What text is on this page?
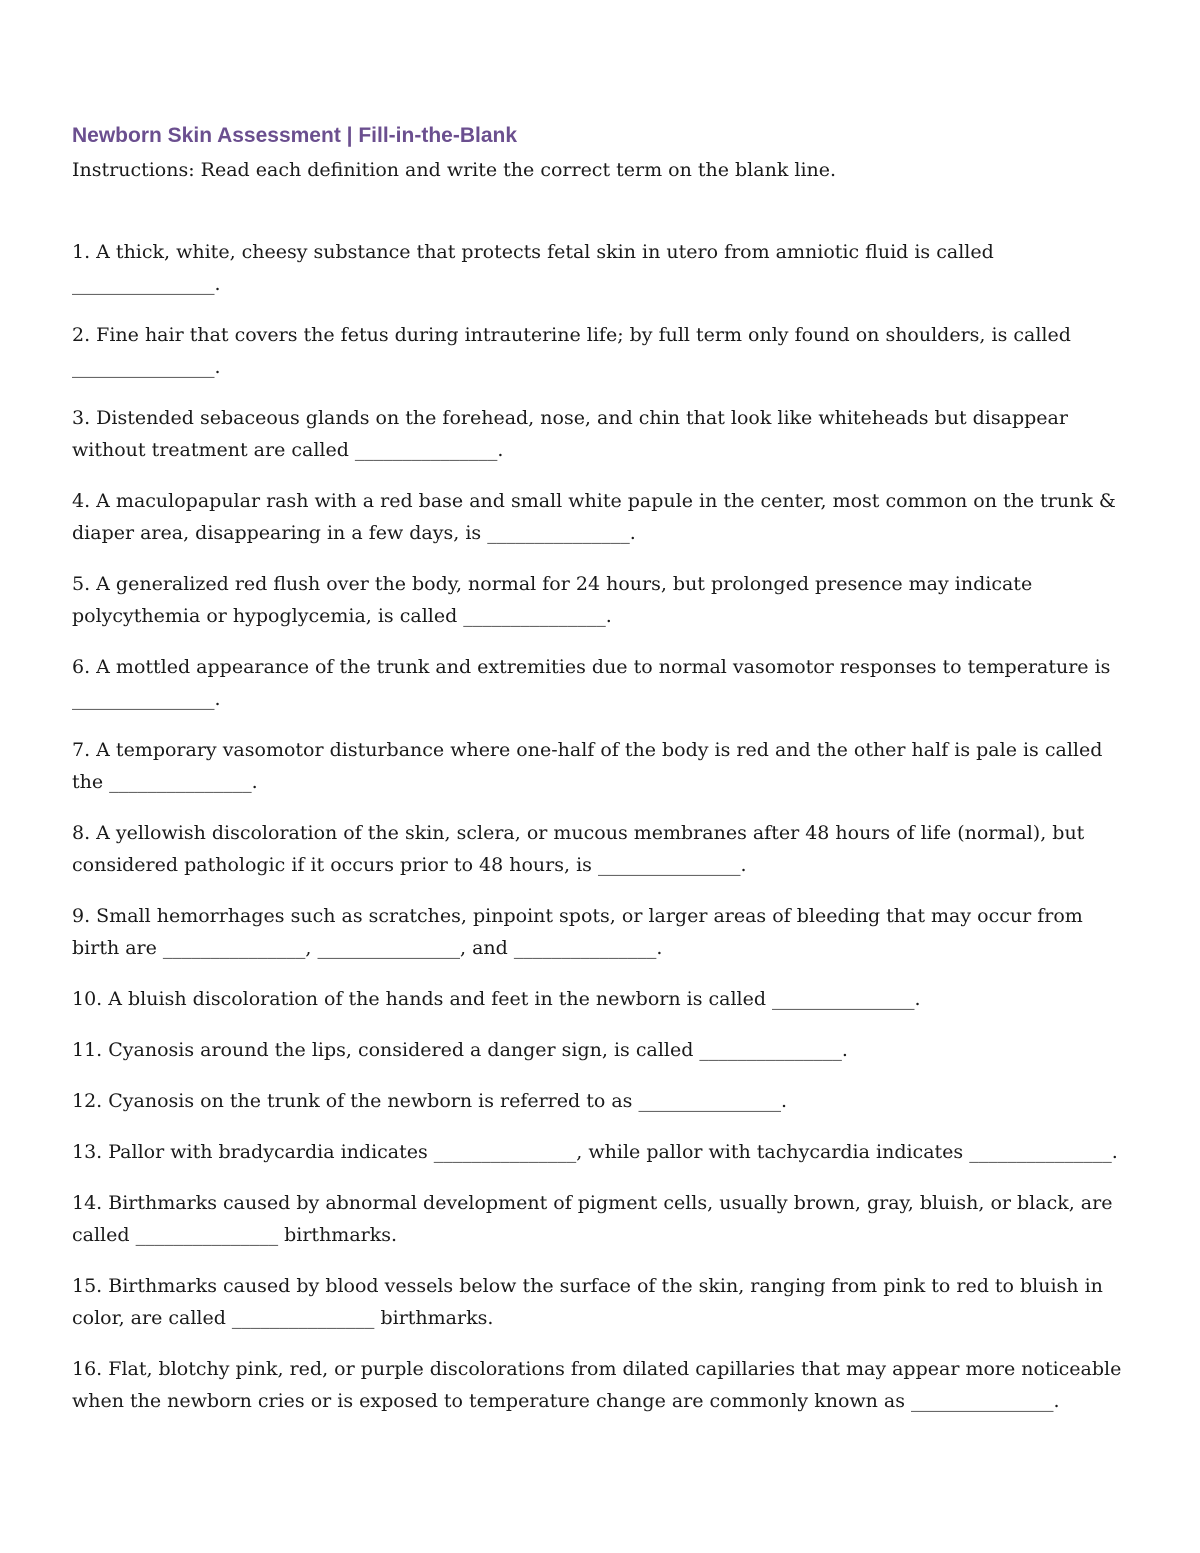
Newborn Skin Assessment | Fill-in-the-Blank
Instructions: Read each definition and write the correct term on the blank line.
1. A thick, white, cheesy substance that protects fetal skin in utero from amniotic fluid is called _______________.
2. Fine hair that covers the fetus during intrauterine life; by full term only found on shoulders, is called _______________.
3. Distended sebaceous glands on the forehead, nose, and chin that look like whiteheads but disappear without treatment are called _______________.
4. A maculopapular rash with a red base and small white papule in the center, most common on the trunk & diaper area, disappearing in a few days, is _______________.
5. A generalized red flush over the body, normal for 24 hours, but prolonged presence may indicate polycythemia or hypoglycemia, is called _______________.
6. A mottled appearance of the trunk and extremities due to normal vasomotor responses to temperature is _______________.
7. A temporary vasomotor disturbance where one-half of the body is red and the other half is pale is called the _______________.
8. A yellowish discoloration of the skin, sclera, or mucous membranes after 48 hours of life (normal), but considered pathologic if it occurs prior to 48 hours, is _______________.
9. Small hemorrhages such as scratches, pinpoint spots, or larger areas of bleeding that may occur from birth are _______________, _______________, and _______________.
10. A bluish discoloration of the hands and feet in the newborn is called _______________.
11. Cyanosis around the lips, considered a danger sign, is called _______________.
12. Cyanosis on the trunk of the newborn is referred to as _______________.
13. Pallor with bradycardia indicates _______________, while pallor with tachycardia indicates _______________.
14. Birthmarks caused by abnormal development of pigment cells, usually brown, gray, bluish, or black, are called _______________ birthmarks.
15. Birthmarks caused by blood vessels below the surface of the skin, ranging from pink to red to bluish in color, are called _______________ birthmarks.
16. Flat, blotchy pink, red, or purple discolorations from dilated capillaries that may appear more noticeable when the newborn cries or is exposed to temperature change are commonly known as _______________.
